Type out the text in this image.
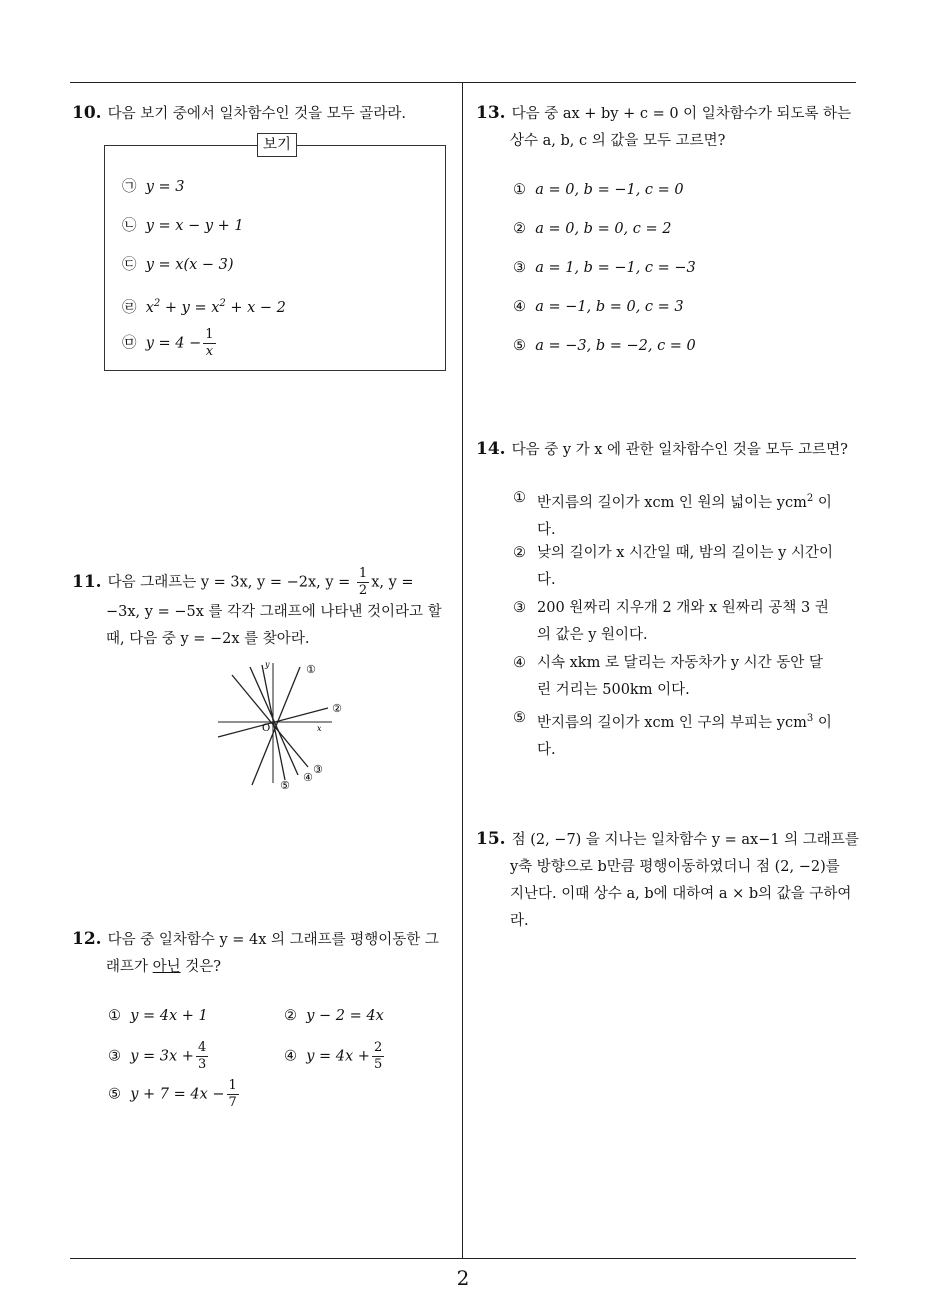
2
10. 다음 보기 중에서 일차함수인 것을 모두 골라라.
보기
㉠ y = 3
㉡ y = x − y + 1
㉢ y = x(x − 3)
㉣ $x^2 + y = x^2 + x - 2$
㉤ $y = 4 - \frac{1}{x}$
11. 다음 그래프는 y = 3x, y = −2x, $y = \frac{1}{2} x$, y =
−3x, y = −5x 를 각각 그래프에 나타낸 것이라고 할
때, 다음 중 y = −2x 를 찾아라.
y
x
O
①
②
③
④
⑤
12. 다음 중 일차함수 y = 4x 의 그래프를 평행이동한 그
래프가 아닌 것은?
① y = 4x + 1	② y − 2 = 4x
③ $y = 3x + \frac{4}{3}$	④ $y = 4x + \frac{2}{5}$
⑤ $y + 7 = 4x - \frac{1}{7}$
13. 다음 중 ax + by + c = 0 이 일차함수가 되도록 하는
상수 a, b, c 의 값을 모두 고르면?
① a = 0, b = −1, c = 0
② a = 0, b = 0, c = 2
③ a = 1, b = −1, c = −3
④ a = −1, b = 0, c = 3
⑤ a = −3, b = −2, c = 0
14. 다음 중 y 가 x 에 관한 일차함수인 것을 모두 고르면?
① 반지름의 길이가 xcm 인 원의 넓이는 ycm$^2$ 이다.
② 낮의 길이가 x 시간일 때, 밤의 길이는 y 시간이다.
③ 200 원짜리 지우개 2 개와 x 원짜리 공책 3 권의 값은 y 원이다.
④ 시속 xkm 로 달리는 자동차가 y 시간 동안 달린 거리는 500km 이다.
⑤ 반지름의 길이가 xcm 인 구의 부피는 ycm$^3$ 이다.
15. 점 (2, −7) 을 지나는 일차함수 y = ax−1 의 그래프를
y축 방향으로 b만큼 평행이동하였더니 점 (2, −2)를
지난다. 이때 상수 a, b에 대하여 a × b의 값을 구하여
라.
